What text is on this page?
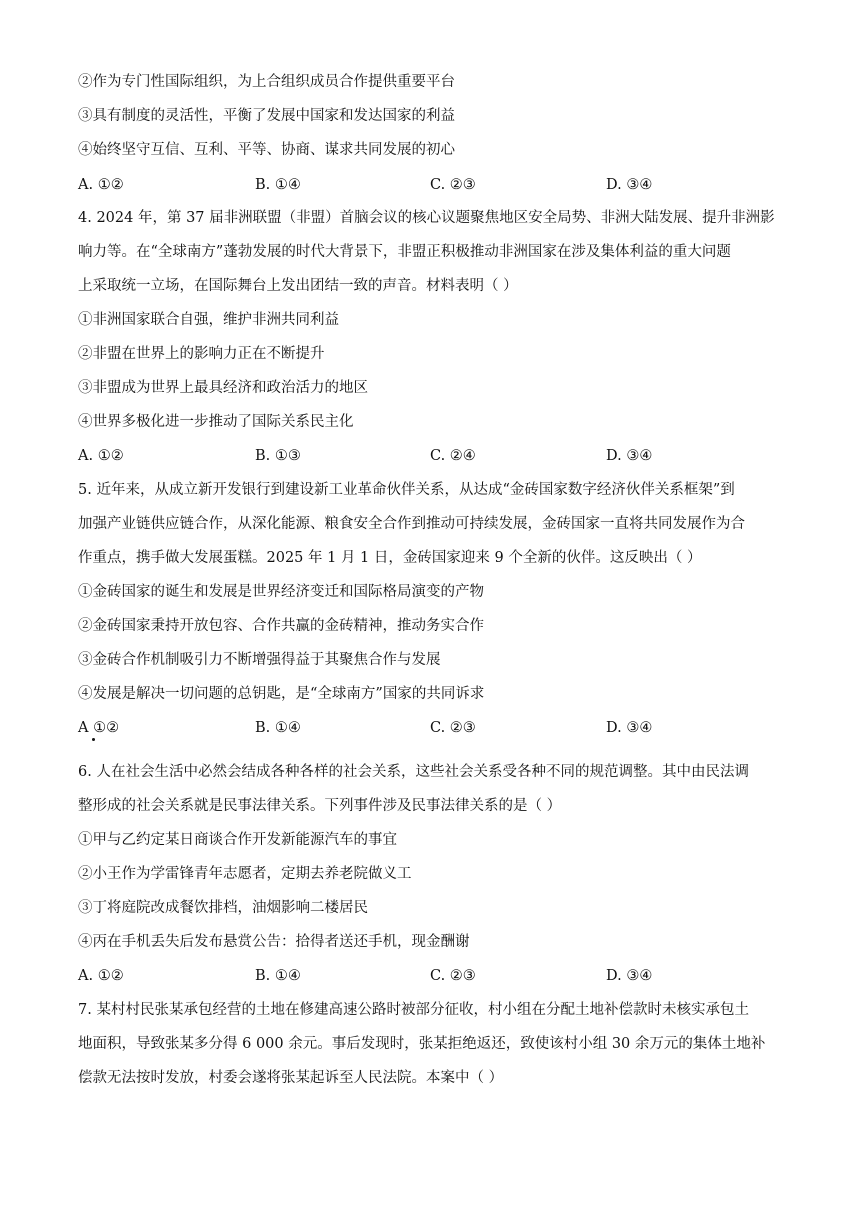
②作为专门性国际组织，为上合组织成员合作提供重要平台
③具有制度的灵活性，平衡了发展中国家和发达国家的利益
④始终坚守互信、互利、平等、协商、谋求共同发展的初心
A. ①②	B. ①④	C. ②③	D. ③④
4. 2024 年，第 37 届非洲联盟（非盟）首脑会议的核心议题聚焦地区安全局势、非洲大陆发展、提升非洲影
响力等。在“全球南方”蓬勃发展的时代大背景下，非盟正积极推动非洲国家在涉及集体利益的重大问题
上采取统一立场，在国际舞台上发出团结一致的声音。材料表明（ ）
①非洲国家联合自强，维护非洲共同利益
②非盟在世界上的影响力正在不断提升
③非盟成为世界上最具经济和政治活力的地区
④世界多极化进一步推动了国际关系民主化
A. ①②	B. ①③	C. ②④	D. ③④
5. 近年来，从成立新开发银行到建设新工业革命伙伴关系，从达成“金砖国家数字经济伙伴关系框架”到
加强产业链供应链合作，从深化能源、粮食安全合作到推动可持续发展，金砖国家一直将共同发展作为合
作重点，携手做大发展蛋糕。2025 年 1 月 1 日，金砖国家迎来 9 个全新的伙伴。这反映出（ ）
①金砖国家的诞生和发展是世界经济变迁和国际格局演变的产物
②金砖国家秉持开放包容、合作共赢的金砖精神，推动务实合作
③金砖合作机制吸引力不断增强得益于其聚焦合作与发展
④发展是解决一切问题的总钥匙，是“全球南方”国家的共同诉求
A ①②	B. ①④	C. ②③	D. ③④
6. 人在社会生活中必然会结成各种各样的社会关系，这些社会关系受各种不同的规范调整。其中由民法调
整形成的社会关系就是民事法律关系。下列事件涉及民事法律关系的是（ ）
①甲与乙约定某日商谈合作开发新能源汽车的事宜
②小王作为学雷锋青年志愿者，定期去养老院做义工
③丁将庭院改成餐饮排档，油烟影响二楼居民
④丙在手机丢失后发布悬赏公告：拾得者送还手机，现金酬谢
A. ①②	B. ①④	C. ②③	D. ③④
7. 某村村民张某承包经营的土地在修建高速公路时被部分征收，村小组在分配土地补偿款时未核实承包土
地面积，导致张某多分得 6 000 余元。事后发现时，张某拒绝返还，致使该村小组 30 余万元的集体土地补
偿款无法按时发放，村委会遂将张某起诉至人民法院。本案中（ ）
